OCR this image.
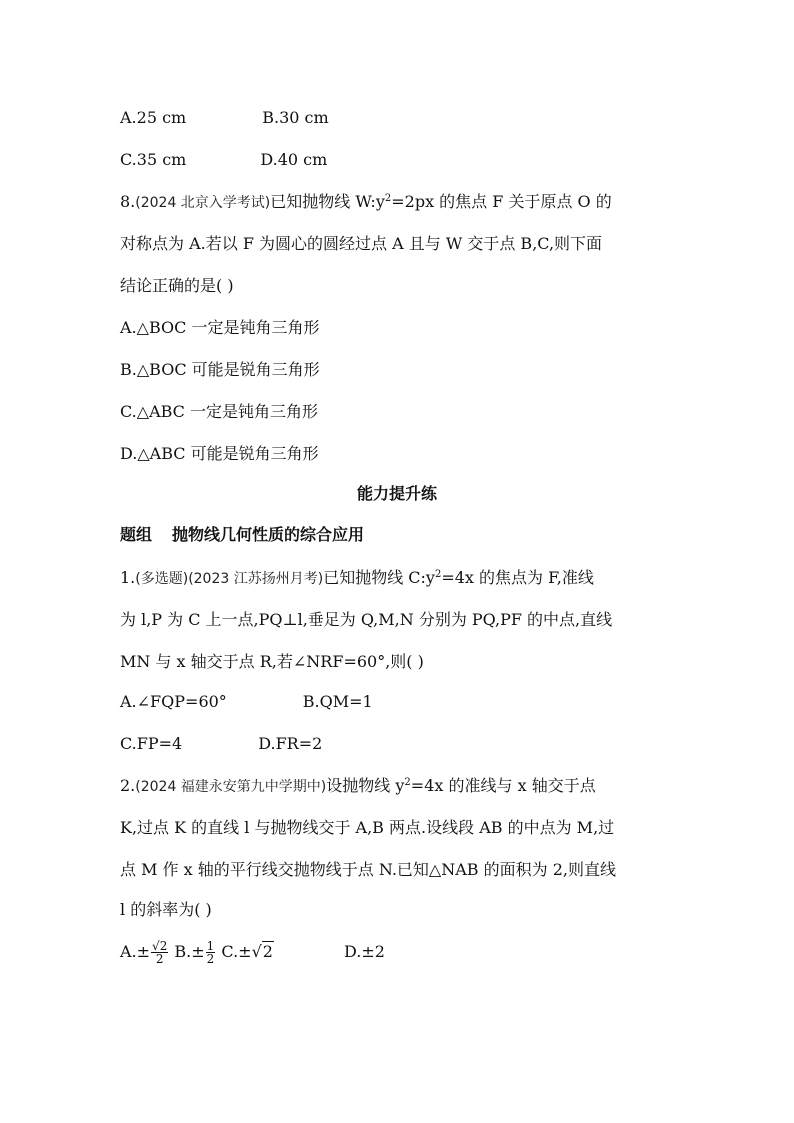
A.25 cm	B.30 cm
C.35 cm	D.40 cm
8.(2024 北京入学考试)已知抛物线 $W:y^2=2px$ 的焦点 F 关于原点 O 的
对称点为 A.若以 F 为圆心的圆经过点 A 且与 W 交于点 B,C,则下面
结论正确的是( )
A.△BOC 一定是钝角三角形
B.△BOC 可能是锐角三角形
C.△ABC 一定是钝角三角形
D.△ABC 可能是锐角三角形
能力提升练
题组 抛物线几何性质的综合应用
1.(多选题)(2023 江苏扬州月考)已知抛物线 $C:y^2=4x$ 的焦点为 F,准线
为 l,P 为 C 上一点,PQ⊥l,垂足为 Q,M,N 分别为 PQ,PF 的中点,直线
MN 与 x 轴交于点 R,若∠NRF=60°,则( )
A.∠FQP=60°	B.QM=1
C.FP=4	D.FR=2
2.(2024 福建永安第九中学期中)设抛物线 $y^2=4x$ 的准线与 x 轴交于点
K,过点 K 的直线 l 与抛物线交于 A,B 两点.设线段 AB 的中点为 M,过
点 M 作 x 轴的平行线交抛物线于点 N.已知△NAB 的面积为 2,则直线
l 的斜率为( )
$A.\pm \frac{√2}{2} B.\pm \frac{1}{2} C.\pm√2$	D.±2
